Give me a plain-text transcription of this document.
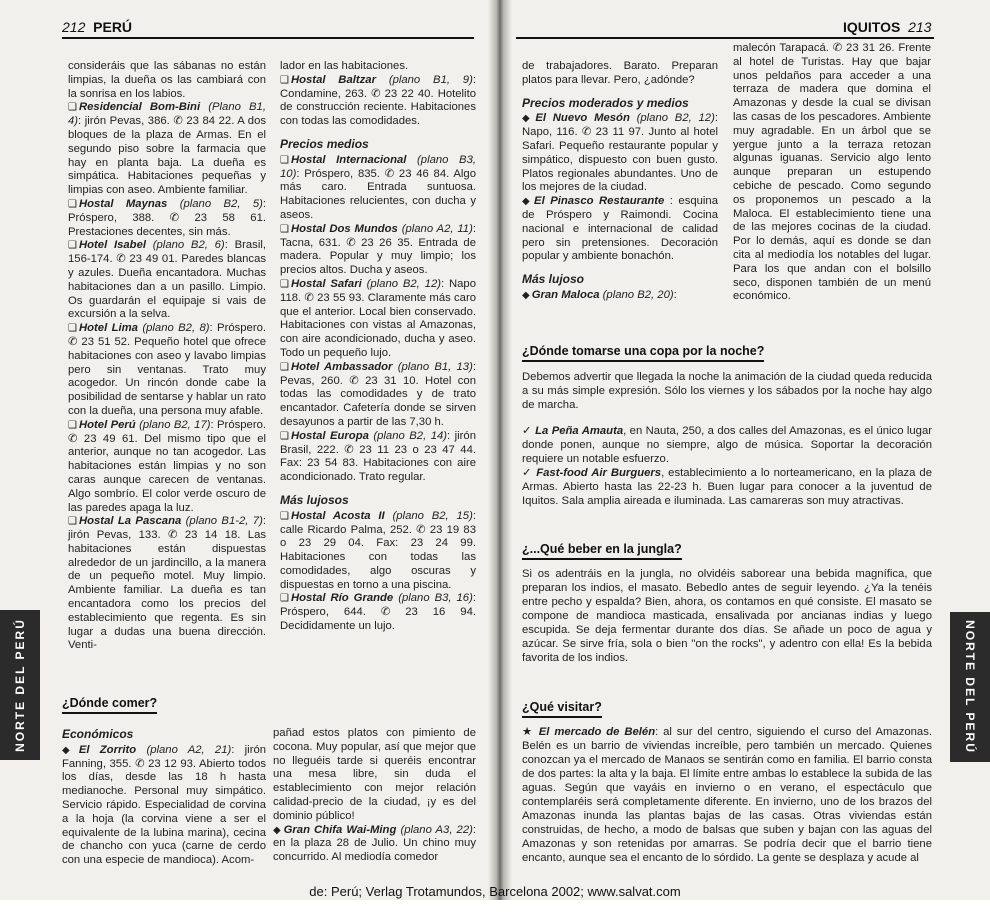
212 PERÚ	IQUITOS 213

consideráis que las sábanas no están limpias, la dueña os las cambiará con la sonrisa en los labios.

❑ Residencial Bom-Bini (Plano B1, 4): jirón Pevas, 386. ✆ 23 84 22. A dos bloques de la plaza de Armas. En el segundo piso sobre la farmacia que hay en planta baja. La dueña es simpática. Habitaciones pequeñas y limpias con aseo. Ambiente familiar.

❑ Hostal Maynas (plano B2, 5): Próspero, 388. ✆ 23 58 61. Prestaciones decentes, sin más.

❑ Hotel Isabel (plano B2, 6): Brasil, 156-174. ✆ 23 49 01. Paredes blancas y azules. Dueña encantadora. Muchas habitaciones dan a un pasillo. Limpio. Os guardarán el equipaje si vais de excursión a la selva.

❑ Hotel Lima (plano B2, 8): Próspero. ✆ 23 51 52. Pequeño hotel que ofrece habitaciones con aseo y lavabo limpias pero sin ventanas. Trato muy acogedor. Un rincón donde cabe la posibilidad de sentarse y hablar un rato con la dueña, una persona muy afable.

❑ Hotel Perú (plano B2, 17): Próspero. ✆ 23 49 61. Del mismo tipo que el anterior, aunque no tan acogedor. Las habitaciones están limpias y no son caras aunque carecen de ventanas. Algo sombrío. El color verde oscuro de las paredes apaga la luz.

❑ Hostal La Pascana (plano B1-2, 7): jirón Pevas, 133. ✆ 23 14 18. Las habitaciones están dispuestas alrededor de un jardincillo, a la manera de un pequeño motel. Muy limpio. Ambiente familiar. La dueña es tan encantadora como los precios del establecimiento que regenta. Es sin lugar a dudas una buena dirección. Venti-

lador en las habitaciones.

❑ Hostal Baltzar (plano B1, 9): Condamine, 263. ✆ 23 22 40. Hotelito de construcción reciente. Habitaciones con todas las comodidades.

Precios medios

❑ Hostal Internacional (plano B3, 10): Próspero, 835. ✆ 23 46 84. Algo más caro. Entrada suntuosa. Habitaciones relucientes, con ducha y aseos.

❑ Hostal Dos Mundos (plano A2, 11): Tacna, 631. ✆ 23 26 35. Entrada de madera. Popular y muy limpio; los precios altos. Ducha y aseos.

❑ Hostal Safari (plano B2, 12): Napo 118. ✆ 23 55 93. Claramente más caro que el anterior. Local bien conservado. Habitaciones con vistas al Amazonas, con aire acondicionado, ducha y aseo. Todo un pequeño lujo.

❑ Hotel Ambassador (plano B1, 13): Pevas, 260. ✆ 23 31 10. Hotel con todas las comodidades y de trato encantador. Cafetería donde se sirven desayunos a partir de las 7,30 h.

❑ Hostal Europa (plano B2, 14): jirón Brasil, 222. ✆ 23 11 23 o 23 47 44. Fax: 23 54 83. Habitaciones con aire acondicionado. Trato regular.

Más lujosos

❑ Hostal Acosta II (plano B2, 15): calle Ricardo Palma, 252. ✆ 23 19 83 o 23 29 04. Fax: 23 24 99. Habitaciones con todas las comodidades, algo oscuras y dispuestas en torno a una piscina.

❑ Hostal Río Grande (plano B3, 16): Próspero, 644. ✆ 23 16 94. Decididamente un lujo.

¿Dónde comer?

Económicos

◆ El Zorrito (plano A2, 21): jirón Fanning, 355. ✆ 23 12 93. Abierto todos los días, desde las 18 h hasta medianoche. Personal muy simpático. Servicio rápido. Especialidad de corvina a la hoja (la corvina viene a ser el equivalente de la lubina marina), cecina de chancho con yuca (carne de cerdo con una especie de mandioca). Acom-

pañad estos platos con pimiento de cocona. Muy popular, así que mejor que no lleguéis tarde si queréis encontrar una mesa libre, sin duda el establecimiento con mejor relación calidad-precio de la ciudad, ¡y es del dominio público!

◆ Gran Chifa Wai-Ming (plano A3, 22): en la plaza 28 de Julio. Un chino muy concurrido. Al mediodía comedor

NORTE DEL PERÚ

de trabajadores. Barato. Preparan platos para llevar. Pero, ¿adónde?

Precios moderados y medios

◆ El Nuevo Mesón (plano B2, 12): Napo, 116. ✆ 23 11 97. Junto al hotel Safari. Pequeño restaurante popular y simpático, dispuesto con buen gusto. Platos regionales abundantes. Uno de los mejores de la ciudad.

◆ El Pinasco Restaurante : esquina de Próspero y Raimondi. Cocina nacional e internacional de calidad pero sin pretensiones. Decoración popular y ambiente bonachón.

Más lujoso

◆ Gran Maloca (plano B2, 20):

malecón Tarapacá. ✆ 23 31 26. Frente al hotel de Turistas. Hay que bajar unos peldaños para acceder a una terraza de madera que domina el Amazonas y desde la cual se divisan las casas de los pescadores. Ambiente muy agradable. En un árbol que se yergue junto a la terraza retozan algunas iguanas. Servicio algo lento aunque preparan un estupendo cebiche de pescado. Como segundo os proponemos un pescado a la Maloca. El establecimiento tiene una de las mejores cocinas de la ciudad. Por lo demás, aquí es donde se dan cita al mediodía los notables del lugar. Para los que andan con el bolsillo seco, disponen también de un menú económico.

¿Dónde tomarse una copa por la noche?

Debemos advertir que llegada la noche la animación de la ciudad queda reducida a su más simple expresión. Sólo los viernes y los sábados por la noche hay algo de marcha.

✓ La Peña Amauta, en Nauta, 250, a dos calles del Amazonas, es el único lugar donde ponen, aunque no siempre, algo de música. Soportar la decoración requiere un notable esfuerzo.

✓ Fast-food Air Burguers, establecimiento a lo norteamericano, en la plaza de Armas. Abierto hasta las 22-23 h. Buen lugar para conocer a la juventud de Iquitos. Sala amplia aireada e iluminada. Las camareras son muy atractivas.

¿...Qué beber en la jungla?

Si os adentráis en la jungla, no olvidéis saborear una bebida magnífica, que preparan los indios, el masato. Bebedlo antes de seguir leyendo. ¿Ya la tenéis entre pecho y espalda? Bien, ahora, os contamos en qué consiste. El masato se compone de mandioca masticada, ensalivada por ancianas indias y luego escupida. Se deja fermentar durante dos días. Se añade un poco de agua y azúcar. Se sirve fría, sola o bien "on the rocks", y adentro con ella! Es la bebida favorita de los indios.

¿Qué visitar?

★ El mercado de Belén: al sur del centro, siguiendo el curso del Amazonas. Belén es un barrio de viviendas increíble, pero también un mercado. Quienes conozcan ya el mercado de Manaos se sentirán como en familia. El barrio consta de dos partes: la alta y la baja. El límite entre ambas lo establece la subida de las aguas. Según que vayáis en invierno o en verano, el espectáculo que contemplaréis será completamente diferente. En invierno, uno de los brazos del Amazonas inunda las plantas bajas de las casas. Otras viviendas están construidas, de hecho, a modo de balsas que suben y bajan con las aguas del Amazonas y son retenidas por amarras. Se podría decir que el barrio tiene encanto, aunque sea el encanto de lo sórdido. La gente se desplaza y acude al

NORTE DEL PERÚ
de: Perú; Verlag Trotamundos, Barcelona 2002; www.salvat.com
